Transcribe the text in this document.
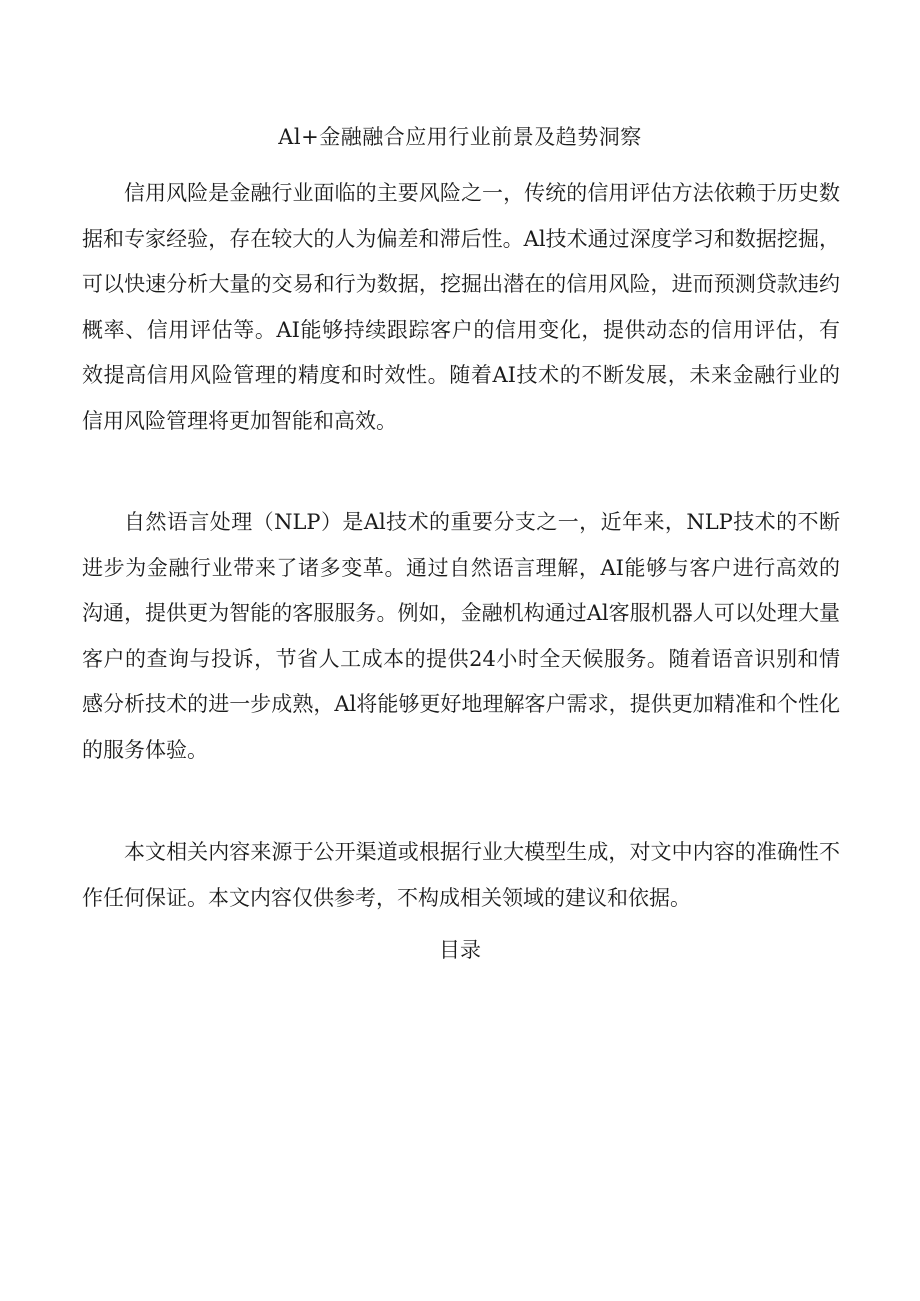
Al+金融融合应用行业前景及趋势洞察

信用风险是金融行业面临的主要风险之一，传统的信用评估方法依赖于历史数据和专家经验，存在较大的人为偏差和滞后性。Al技术通过深度学习和数据挖掘，可以快速分析大量的交易和行为数据，挖掘出潜在的信用风险，进而预测贷款违约概率、信用评估等。AI能够持续跟踪客户的信用变化，提供动态的信用评估，有效提高信用风险管理的精度和时效性。随着AI技术的不断发展，未来金融行业的信用风险管理将更加智能和高效。

自然语言处理（NLP）是Al技术的重要分支之一，近年来，NLP技术的不断进步为金融行业带来了诸多变革。通过自然语言理解，AI能够与客户进行高效的沟通，提供更为智能的客服服务。例如，金融机构通过Al客服机器人可以处理大量客户的查询与投诉，节省人工成本的提供24小时全天候服务。随着语音识别和情感分析技术的进一步成熟，Al将能够更好地理解客户需求，提供更加精准和个性化的服务体验。

本文相关内容来源于公开渠道或根据行业大模型生成，对文中内容的准确性不作任何保证。本文内容仅供参考，不构成相关领域的建议和依据。

目录
